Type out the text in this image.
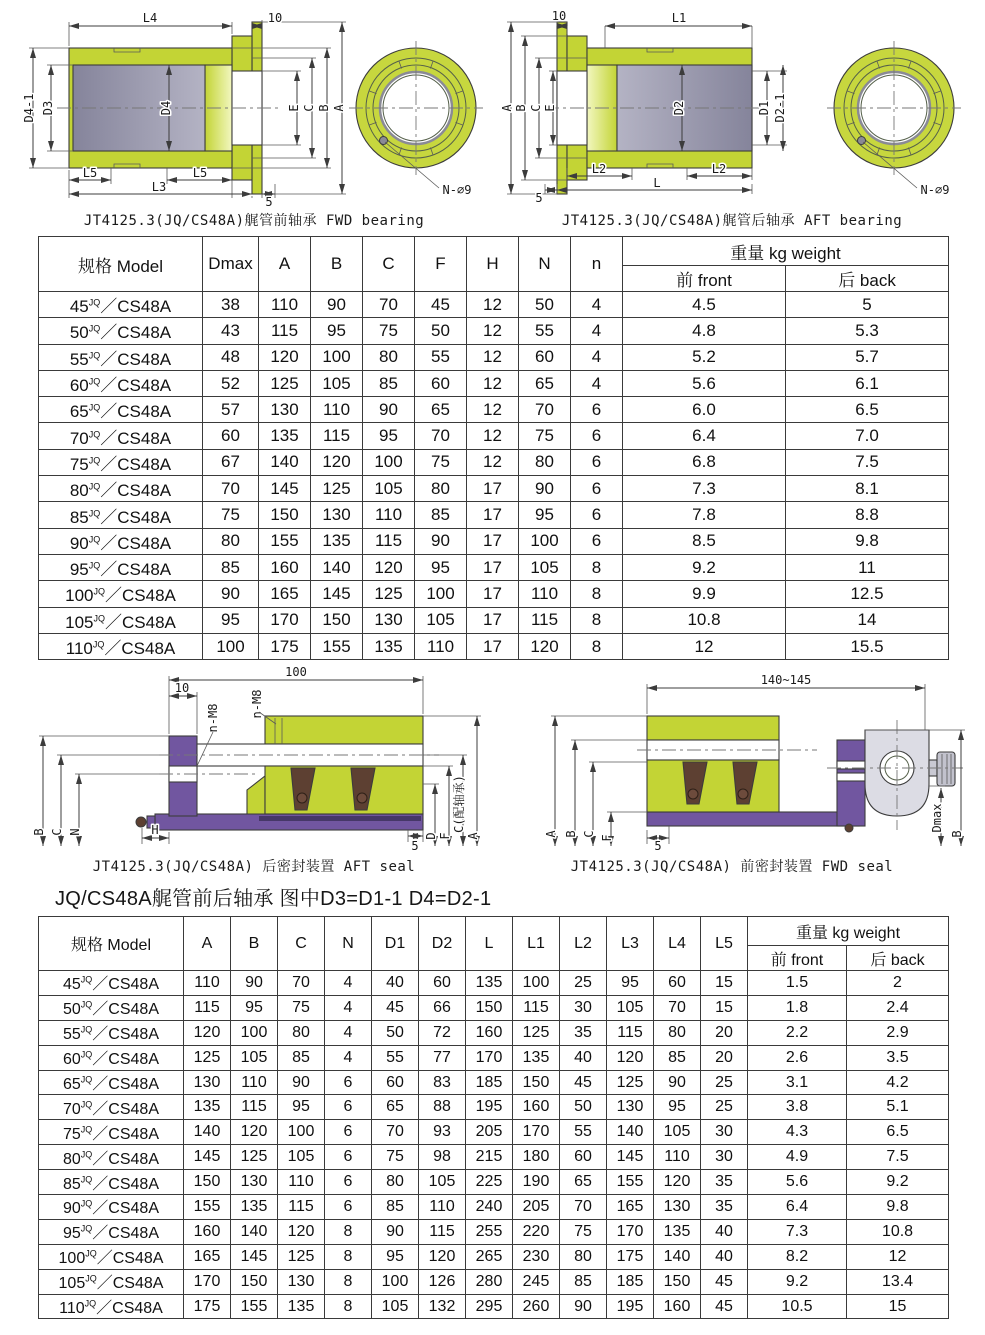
L4	10
D4-1 D3	D4	E C B A
L5	L5
L3
5
N-∅9
JT4125.3(JQ/CS48A)艉管前轴承 FWD bearing
10	L1
A B C E	D2	D1 D2-1
L2	L2
5
L	N-∅9
JT4125.3(JQ/CS48A)艉管后轴承 AFT bearing
规格 Model	Dmax	A	B	C	F	H	N	n	重量 kg weight	
									前 front	后 back
$45^{JQ}/CS48A$	38	110	90	70	45	12	50	4	4.5	5
$50^{JQ}/CS48A$	43	115	95	75	50	12	55	4	4.8	5.3
$55^{JQ}/CS48A$	48	120	100	80	55	12	60	4	5.2	5.7
$60^{JQ}/CS48A$	52	125	105	85	60	12	65	4	5.6	6.1
$65^{JQ}/CS48A$	57	130	110	90	65	12	70	6	6.0	6.5
$70^{JQ}/CS48A$	60	135	115	95	70	12	75	6	6.4	7.0
$75^{JQ}/CS48A$	67	140	120	100	75	12	80	6	6.8	7.5
$80^{JQ}/CS48A$	70	145	125	105	80	17	90	6	7.3	8.1
$85^{JQ}/CS48A$	75	150	130	110	85	17	95	6	7.8	8.8
$90^{JQ}/CS48A$	80	155	135	115	90	17	100	6	8.5	9.8
$95^{JQ}/CS48A$	85	160	140	120	95	17	105	8	9.2	11
$100^{JQ}/CS48A$	90	165	145	125	100	17	110	8	9.9	12.5
$105^{JQ}/CS48A$	95	170	150	130	105	17	115	8	10.8	14
$110^{JQ}/CS48A$	100	175	155	135	110	17	120	8	12	15.5
100
10
n-M8	n-M8
B C N	H
5
D F
C(配轴承)
A
JT4125.3(JQ/CS48A) 后密封装置 AFT seal
140~145
A B C
F
5
Dmax
B
JT4125.3(JQ/CS48A) 前密封装置 FWD seal
JQ/CS48A艉管前后轴承 图中D3=D1-1 D4=D2-1
规格 Model	A	B	C	N	D1	D2	L	L1	L2	L3	L4	L5	重量 kg weight	
													前 front	后 back
$45^{JQ}/CS48A$	110	90	70	4	40	60	135	100	25	95	60	15	1.5	2
$50^{JQ}/CS48A$	115	95	75	4	45	66	150	115	30	105	70	15	1.8	2.4
$55^{JQ}/CS48A$	120	100	80	4	50	72	160	125	35	115	80	20	2.2	2.9
$60^{JQ}/CS48A$	125	105	85	4	55	77	170	135	40	120	85	20	2.6	3.5
$65^{JQ}/CS48A$	130	110	90	6	60	83	185	150	45	125	90	25	3.1	4.2
$70^{JQ}/CS48A$	135	115	95	6	65	88	195	160	50	130	95	25	3.8	5.1
$75^{JQ}/CS48A$	140	120	100	6	70	93	205	170	55	140	105	30	4.3	6.5
$80^{JQ}/CS48A$	145	125	105	6	75	98	215	180	60	145	110	30	4.9	7.5
$85^{JQ}/CS48A$	150	130	110	6	80	105	225	190	65	155	120	35	5.6	9.2
$90^{JQ}/CS48A$	155	135	115	6	85	110	240	205	70	165	130	35	6.4	9.8
$95^{JQ}/CS48A$	160	140	120	8	90	115	255	220	75	170	135	40	7.3	10.8
$100^{JQ}/CS48A$	165	145	125	8	95	120	265	230	80	175	140	40	8.2	12
$105^{JQ}/CS48A$	170	150	130	8	100	126	280	245	85	185	150	45	9.2	13.4
$110^{JQ}/CS48A$	175	155	135	8	105	132	295	260	90	195	160	45	10.5	15
